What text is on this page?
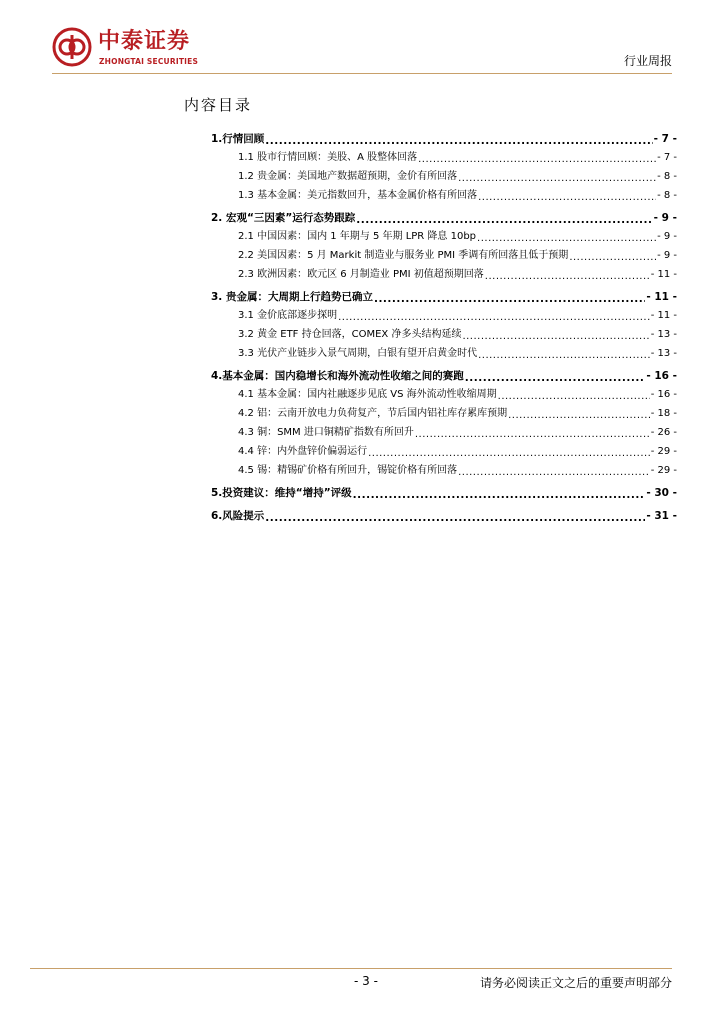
中泰证券
ZHONGTAI SECURITIES	行业周报
内容目录
1.行情回顾 .....	- 7 -
1.1 股市行情回顾：美股、A 股整体回落 .....	- 7 -
1.2 贵金属：美国地产数据超预期，金价有所回落 .....	- 8 -
1.3 基本金属：美元指数回升，基本金属价格有所回落 .....	- 8 -
2. 宏观“三因素”运行态势跟踪 .....	- 9 -
2.1 中国因素：国内 1 年期与 5 年期 LPR 降息 10bp .....	- 9 -
2.2 美国因素：5 月 Markit 制造业与服务业 PMI 季调有所回落且低于预期 .....	- 9 -
2.3 欧洲因素：欧元区 6 月制造业 PMI 初值超预期回落 .....	- 11 -
3. 贵金属：大周期上行趋势已确立 .....	- 11 -
3.1 金价底部逐步探明 .....	- 11 -
3.2 黄金 ETF 持仓回落，COMEX 净多头结构延续 .....	- 13 -
3.3 光伏产业链步入景气周期，白银有望开启黄金时代 .....	- 13 -
4.基本金属：国内稳增长和海外流动性收缩之间的赛跑 .....	- 16 -
4.1 基本金属：国内社融逐步见底 VS 海外流动性收缩周期 .....	- 16 -
4.2 铝：云南开放电力负荷复产，节后国内铝社库存累库预期 .....	- 18 -
4.3 铜：SMM 进口铜精矿指数有所回升 .....	- 26 -
4.4 锌：内外盘锌价偏弱运行 .....	- 29 -
4.5 锡：精锡矿价格有所回升，锡锭价格有所回落 .....	- 29 -
5.投资建议：维持“增持”评级 .....	- 30 -
6.风险提示 .....	- 31 -
- 3 -	请务必阅读正文之后的重要声明部分
